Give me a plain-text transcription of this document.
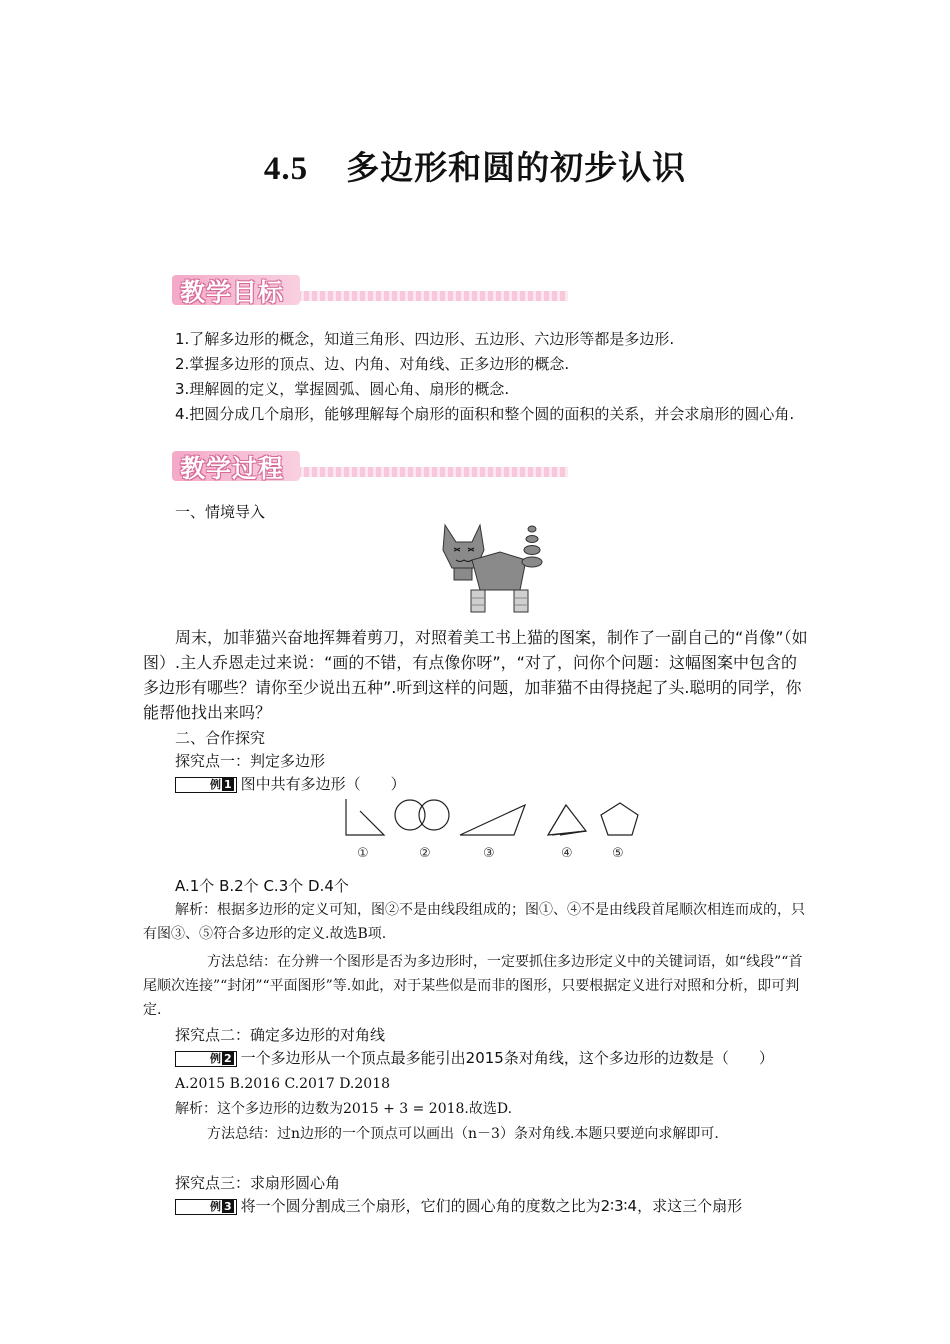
4.5 多边形和圆的初步认识
教学目标
1.了解多边形的概念，知道三角形、四边形、五边形、六边形等都是多边形.
2.掌握多边形的顶点、边、内角、对角线、正多边形的概念.
3.理解圆的定义，掌握圆弧、圆心角、扇形的概念.
4.把圆分成几个扇形，能够理解每个扇形的面积和整个圆的面积的关系，并会求扇形的圆心角.
教学过程
一、情境导入
周末，加菲猫兴奋地挥舞着剪刀，对照着美工书上猫的图案，制作了一副自己的“肖像”（如图）.主人乔恩走过来说：“画的不错，有点像你呀”，“对了，问你个问题：这幅图案中包含的多边形有哪些？请你至少说出五种”.听到这样的问题，加菲猫不由得挠起了头.聪明的同学，你能帮他找出来吗？
二、合作探究
探究点一：判定多边形
例 1 图中共有多边形（　　）
①	②	③	④	⑤
A.1个 B.2个 C.3个 D.4个
解析：根据多边形的定义可知，图②不是由线段组成的；图①、④不是由线段首尾顺次相连而成的，只有图③、⑤符合多边形的定义.故选B项.
方法总结：在分辨一个图形是否为多边形时，一定要抓住多边形定义中的关键词语，如“线段”“首尾顺次连接”“封闭”“平面图形”等.如此，对于某些似是而非的图形，只要根据定义进行对照和分析，即可判定.
探究点二：确定多边形的对角线
例 2 一个多边形从一个顶点最多能引出2015条对角线，这个多边形的边数是（　　）
A.2015 B.2016 C.2017 D.2018
解析：这个多边形的边数为2015 + 3 = 2018.故选D.
方法总结：过n边形的一个顶点可以画出（n－3）条对角线.本题只要逆向求解即可.
探究点三：求扇形圆心角
例 3 将一个圆分割成三个扇形，它们的圆心角的度数之比为2∶3∶4，求这三个扇形
